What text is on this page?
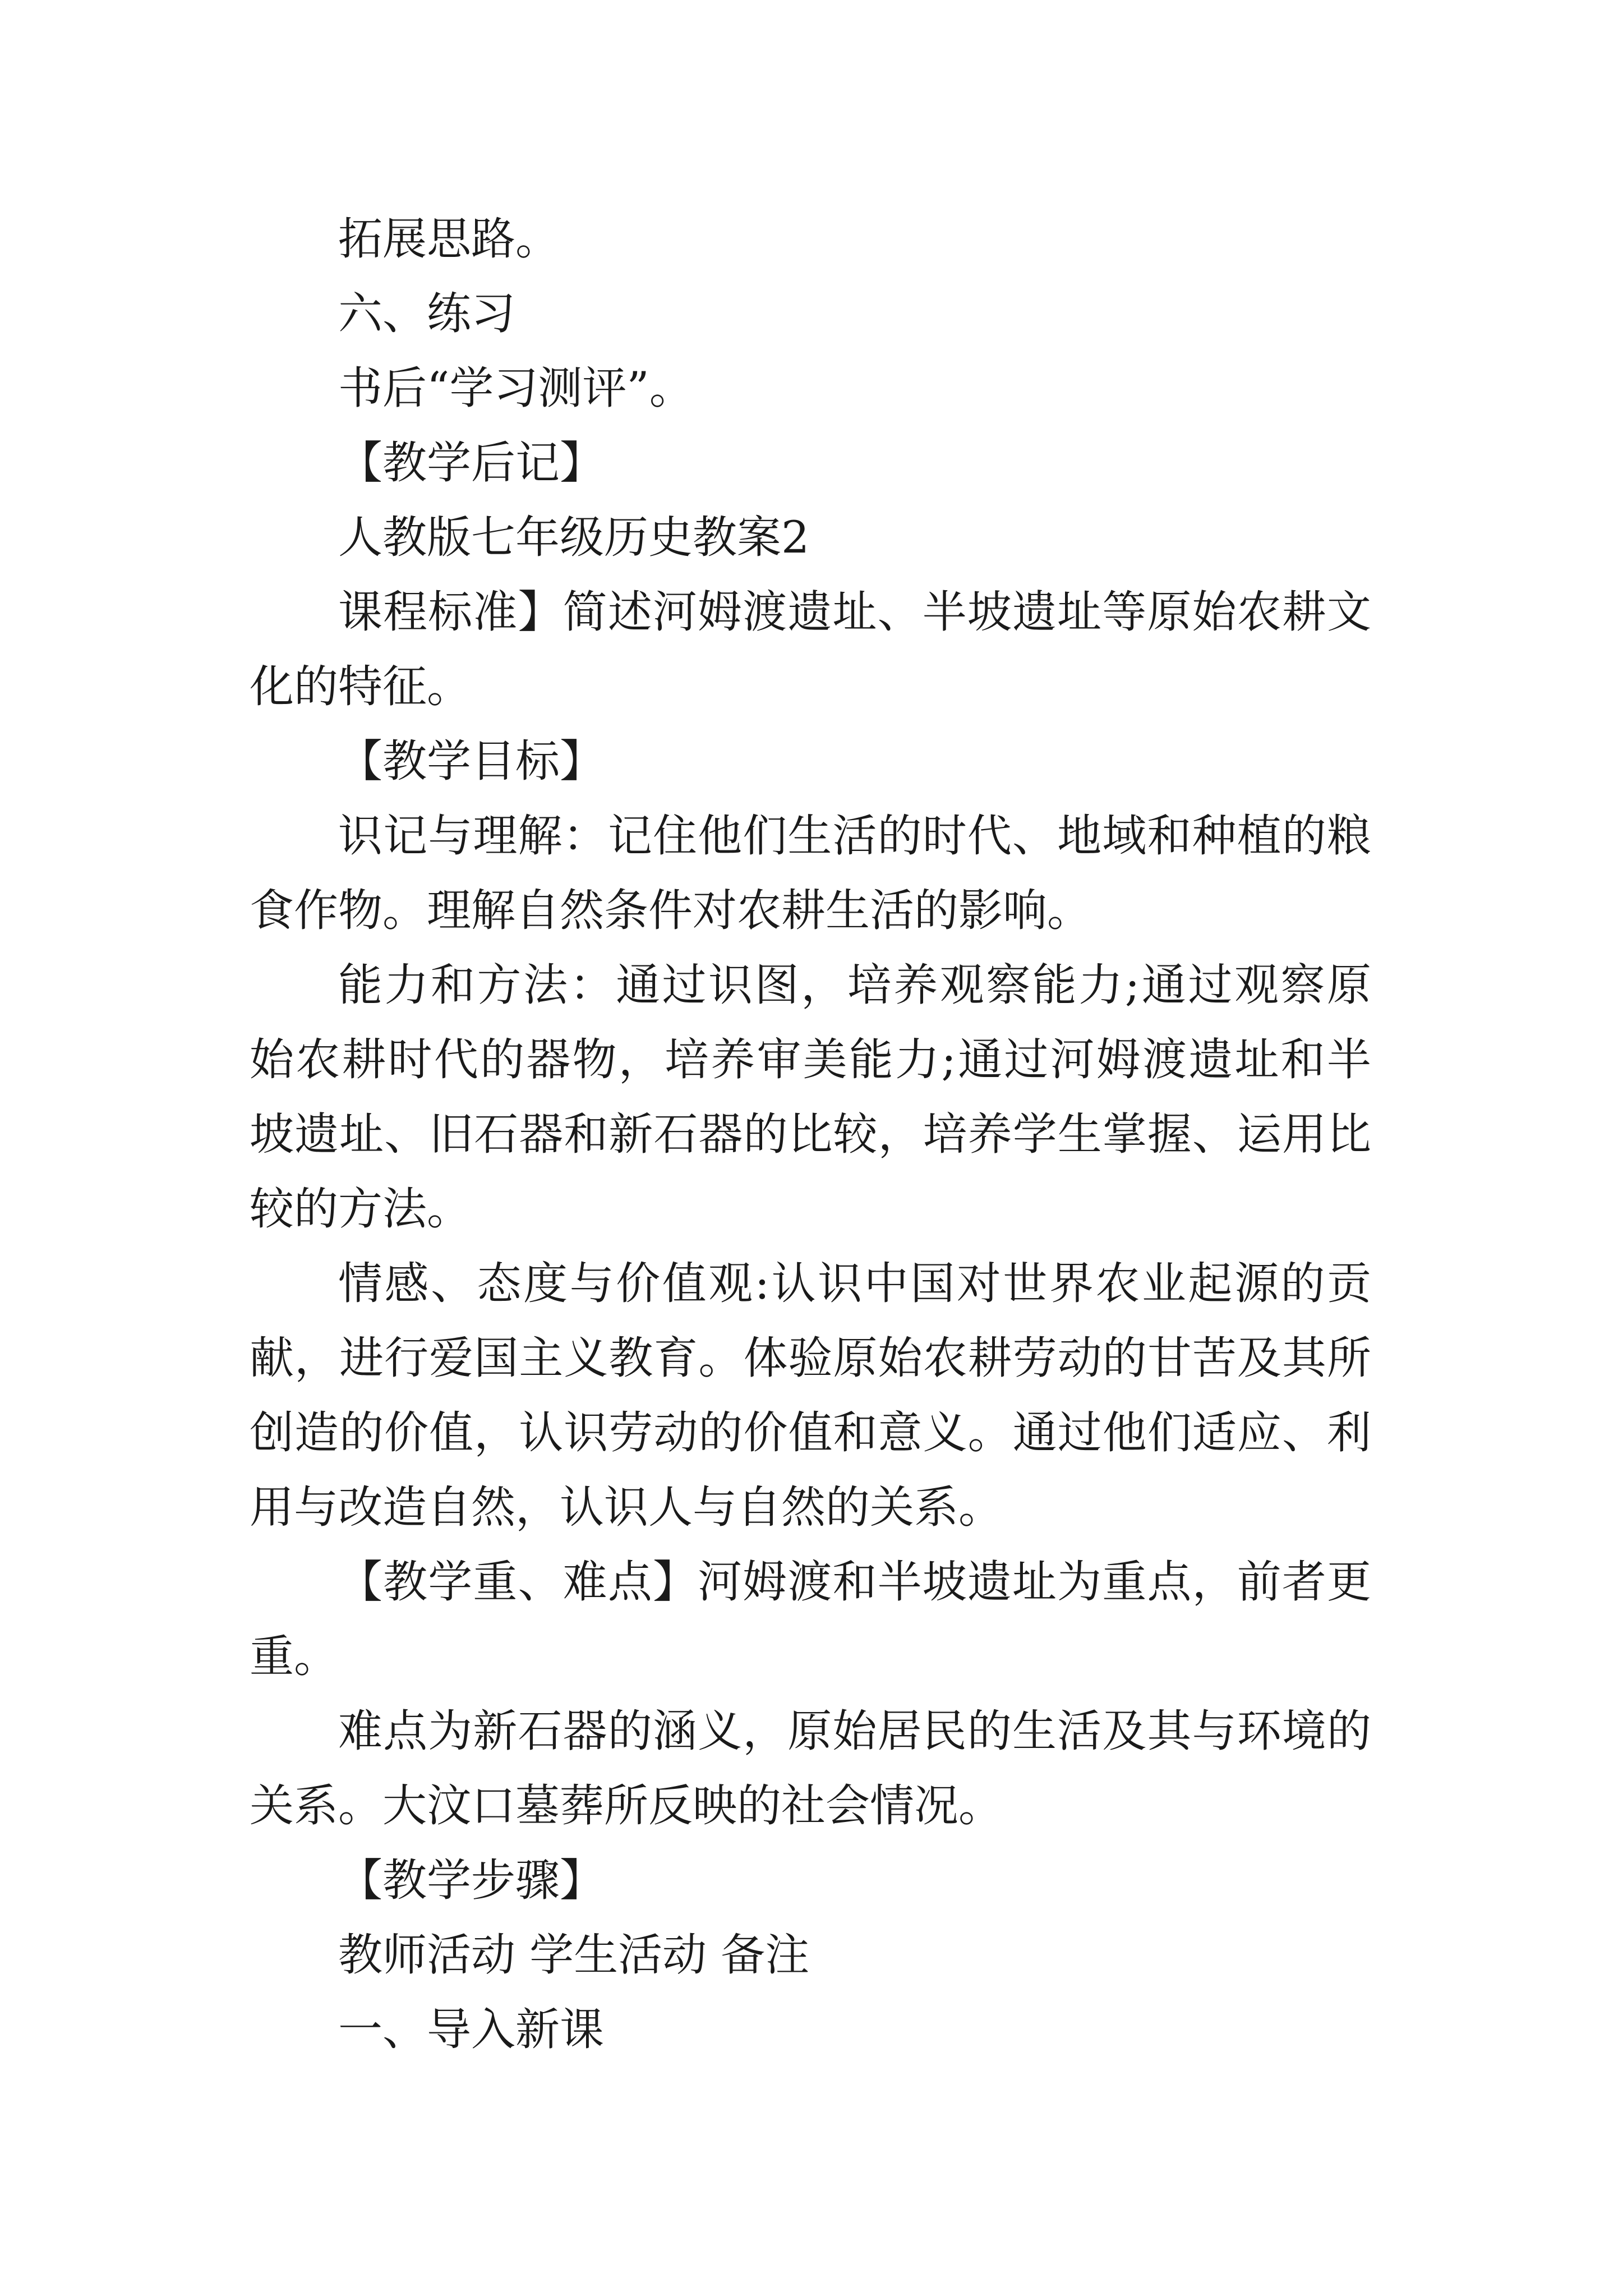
拓展思路。

六、练习

书后“学习测评”。

【教学后记】

人教版七年级历史教案2

课程标准】简述河姆渡遗址、半坡遗址等原始农耕文化的特征。

【教学目标】

识记与理解：记住他们生活的时代、地域和种植的粮食作物。理解自然条件对农耕生活的影响。

能力和方法：通过识图，培养观察能力;通过观察原始农耕时代的器物，培养审美能力;通过河姆渡遗址和半坡遗址、旧石器和新石器的比较，培养学生掌握、运用比较的方法。

情感、态度与价值观:认识中国对世界农业起源的贡献，进行爱国主义教育。体验原始农耕劳动的甘苦及其所创造的价值，认识劳动的价值和意义。通过他们适应、利用与改造自然，认识人与自然的关系。

【教学重、难点】河姆渡和半坡遗址为重点，前者更重。

难点为新石器的涵义，原始居民的生活及其与环境的关系。大汶口墓葬所反映的社会情况。

【教学步骤】

教师活动 学生活动 备注

一、导入新课
